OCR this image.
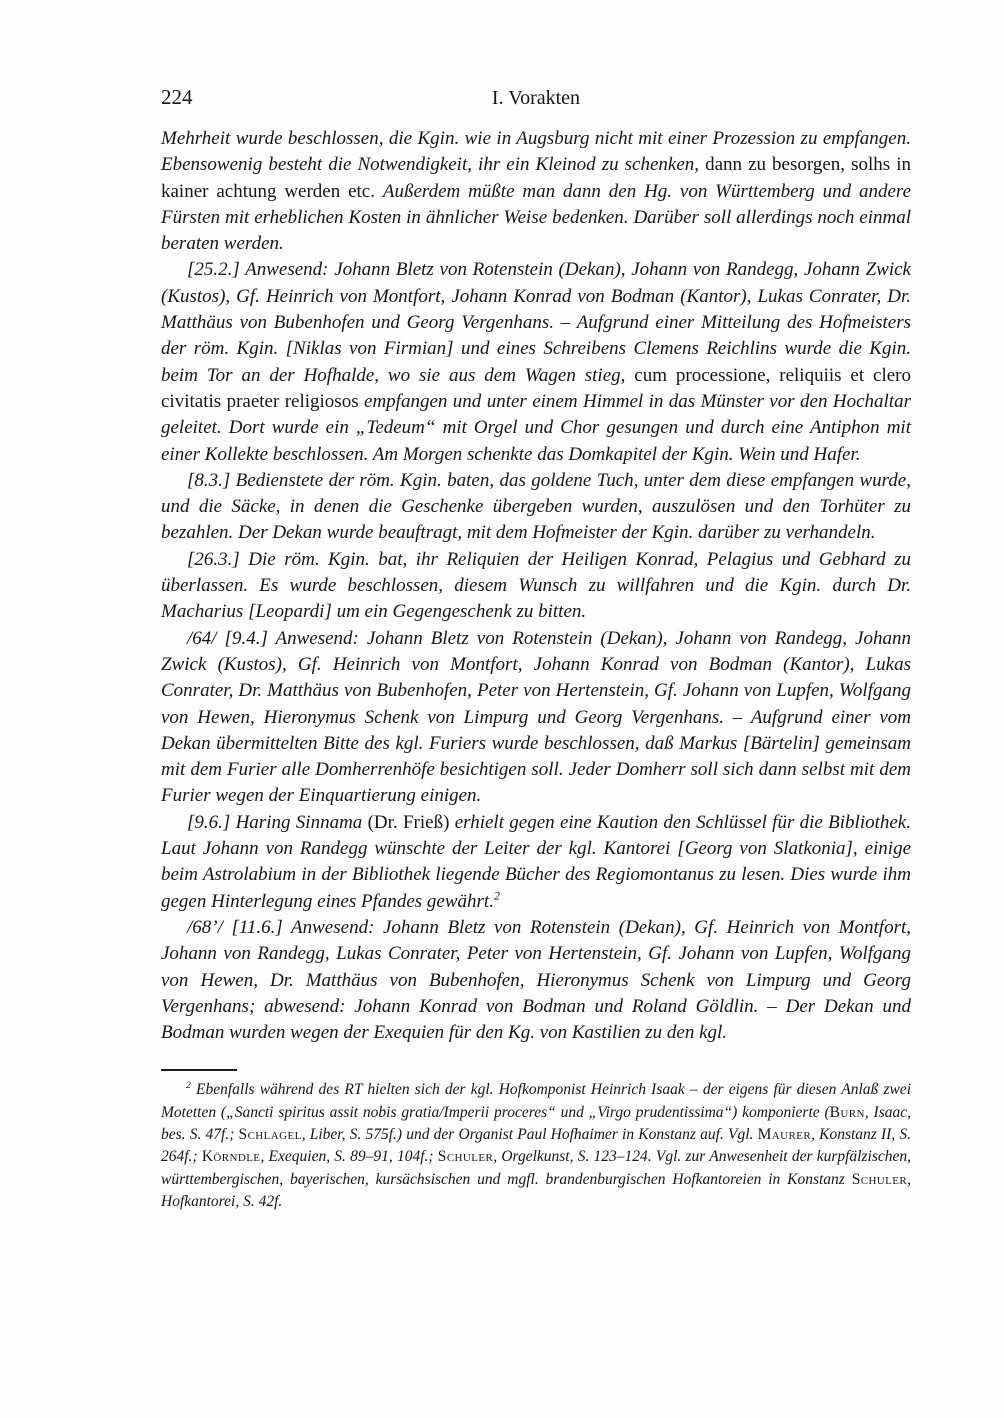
224	I. Vorakten

Mehrheit wurde beschlossen, die Kgin. wie in Augsburg nicht mit einer Prozession zu empfangen. Ebensowenig besteht die Notwendigkeit, ihr ein Kleinod zu schenken, dann zu besorgen, solhs in kainer achtung werden etc. Außerdem müßte man dann den Hg. von Württemberg und andere Fürsten mit erheblichen Kosten in ähnlicher Weise bedenken. Darüber soll allerdings noch einmal beraten werden.

[25.2.] Anwesend: Johann Bletz von Rotenstein (Dekan), Johann von Randegg, Johann Zwick (Kustos), Gf. Heinrich von Montfort, Johann Konrad von Bodman (Kantor), Lukas Conrater, Dr. Matthäus von Bubenhofen und Georg Vergenhans. – Aufgrund einer Mitteilung des Hofmeisters der röm. Kgin. [Niklas von Firmian] und eines Schreibens Clemens Reichlins wurde die Kgin. beim Tor an der Hofhalde, wo sie aus dem Wagen stieg, cum processione, reliquiis et clero civitatis praeter religiosos empfangen und unter einem Himmel in das Münster vor den Hochaltar geleitet. Dort wurde ein „Tedeum“ mit Orgel und Chor gesungen und durch eine Antiphon mit einer Kollekte beschlossen. Am Morgen schenkte das Domkapitel der Kgin. Wein und Hafer.

[8.3.] Bedienstete der röm. Kgin. baten, das goldene Tuch, unter dem diese empfangen wurde, und die Säcke, in denen die Geschenke übergeben wurden, auszulösen und den Torhüter zu bezahlen. Der Dekan wurde beauftragt, mit dem Hofmeister der Kgin. darüber zu verhandeln.

[26.3.] Die röm. Kgin. bat, ihr Reliquien der Heiligen Konrad, Pelagius und Gebhard zu überlassen. Es wurde beschlossen, diesem Wunsch zu willfahren und die Kgin. durch Dr. Macharius [Leopardi] um ein Gegengeschenk zu bitten.

/64/ [9.4.] Anwesend: Johann Bletz von Rotenstein (Dekan), Johann von Randegg, Johann Zwick (Kustos), Gf. Heinrich von Montfort, Johann Konrad von Bodman (Kantor), Lukas Conrater, Dr. Matthäus von Bubenhofen, Peter von Hertenstein, Gf. Johann von Lupfen, Wolfgang von Hewen, Hieronymus Schenk von Limpurg und Georg Vergenhans. – Aufgrund einer vom Dekan übermittelten Bitte des kgl. Furiers wurde beschlossen, daß Markus [Bärtelin] gemeinsam mit dem Furier alle Domherrenhöfe besichtigen soll. Jeder Domherr soll sich dann selbst mit dem Furier wegen der Einquartierung einigen.

[9.6.] Haring Sinnama (Dr. Frieß) erhielt gegen eine Kaution den Schlüssel für die Bibliothek. Laut Johann von Randegg wünschte der Leiter der kgl. Kantorei [Georg von Slatkonia], einige beim Astrolabium in der Bibliothek liegende Bücher des Regiomontanus zu lesen. Dies wurde ihm gegen Hinterlegung eines Pfandes gewährt.$^2$

/68’/ [11.6.] Anwesend: Johann Bletz von Rotenstein (Dekan), Gf. Heinrich von Montfort, Johann von Randegg, Lukas Conrater, Peter von Hertenstein, Gf. Johann von Lupfen, Wolfgang von Hewen, Dr. Matthäus von Bubenhofen, Hieronymus Schenk von Limpurg und Georg Vergenhans; abwesend: Johann Konrad von Bodman und Roland Göldlin. – Der Dekan und Bodman wurden wegen der Exequien für den Kg. von Kastilien zu den kgl.

$^2$ Ebenfalls während des RT hielten sich der kgl. Hofkomponist Heinrich Isaak – der eigens für diesen Anlaß zwei Motetten („Sancti spiritus assit nobis gratia/Imperii proceres“ und „Virgo prudentissima“) komponierte (Burn, Isaac, bes. S. 47f.; Schlagel, Liber, S. 575f.) und der Organist Paul Hofhaimer in Konstanz auf. Vgl. Maurer, Konstanz II, S. 264f.; Körndle, Exequien, S. 89–91, 104f.; Schuler, Orgelkunst, S. 123–124. Vgl. zur Anwesenheit der kurpfälzischen, württembergischen, bayerischen, kursächsischen und mgfl. brandenburgischen Hofkantoreien in Konstanz Schuler, Hofkantorei, S. 42f.
